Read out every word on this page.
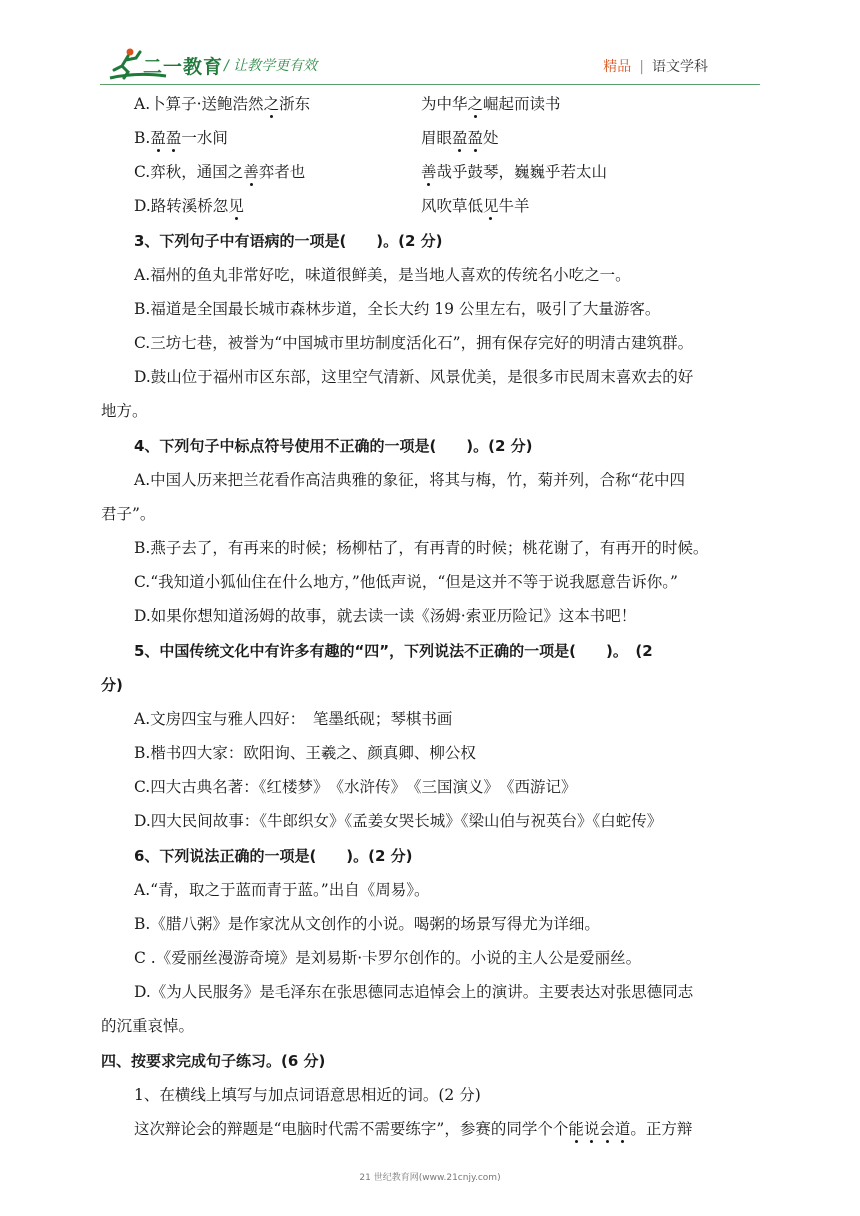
二一教育 / 让教学更有效	精品 | 语文学科
A.卜算子·送鲍浩然之浙东	为中华之崛起而读书
B.盈盈一水间	眉眼盈盈处
C.弈秋，通国之善弈者也	善哉乎鼓琴，巍巍乎若太山
D.路转溪桥忽见	风吹草低见牛羊
3、下列句子中有语病的一项是(　　)。(2 分)
A.福州的鱼丸非常好吃，味道很鲜美，是当地人喜欢的传统名小吃之一。
B.福道是全国最长城市森林步道，全长大约 19 公里左右，吸引了大量游客。
C.三坊七巷，被誉为“中国城市里坊制度活化石”，拥有保存完好的明清古建筑群。
D.鼓山位于福州市区东部，这里空气清新、风景优美，是很多市民周末喜欢去的好
地方。
4、下列句子中标点符号使用不正确的一项是(　　)。(2 分)
A.中国人历来把兰花看作高洁典雅的象征，将其与梅，竹，菊并列，合称“花中四
君子”。
B.燕子去了，有再来的时候；杨柳枯了，有再青的时候；桃花谢了，有再开的时候。
C.“我知道小狐仙住在什么地方，”他低声说，“但是这并不等于说我愿意告诉你。”
D.如果你想知道汤姆的故事，就去读一读《汤姆·索亚历险记》这本书吧！
5、中国传统文化中有许多有趣的“四”，下列说法不正确的一项是(　　)。　(2
分)
A.文房四宝与雅人四好：　笔墨纸砚；琴棋书画
B.楷书四大家：欧阳询、王羲之、颜真卿、柳公权
C.四大古典名著：《红楼梦》　《水浒传》　《三国演义》　《西游记》
D.四大民间故事：《牛郎织女》《孟姜女哭长城》《梁山伯与祝英台》《白蛇传》
6、下列说法正确的一项是(　　)。(2 分)
A.“青，取之于蓝而青于蓝。”出自《周易》。
B.《腊八粥》是作家沈从文创作的小说。喝粥的场景写得尤为详细。
C .《爱丽丝漫游奇境》是刘易斯·卡罗尔创作的。小说的主人公是爱丽丝。
D.《为人民服务》是毛泽东在张思德同志追悼会上的演讲。主要表达对张思德同志
的沉重哀悼。
四、按要求完成句子练习。(6 分)
1、在横线上填写与加点词语意思相近的词。(2 分)
这次辩论会的辩题是“电脑时代需不需要练字”，参赛的同学个个能说会道。正方辩
21 世纪教育网(www.21cnjy.com)
